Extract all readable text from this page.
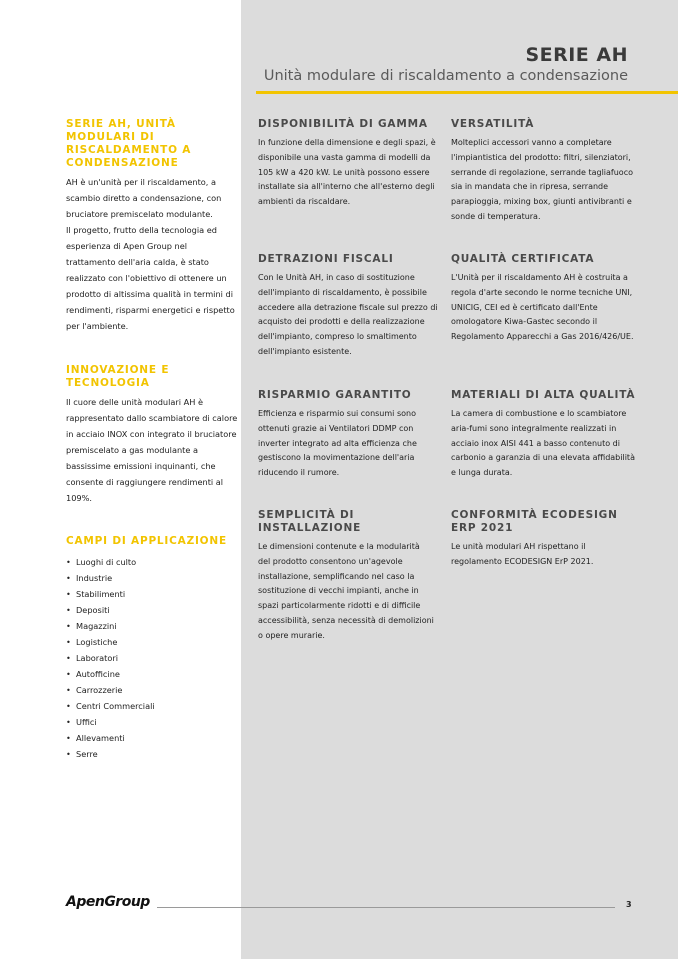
SERIE AH
Unità modulare di riscaldamento a condensazione
SERIE AH, UNITÀ MODULARI DI RISCALDAMENTO A CONDENSAZIONE

AH è un'unità per il riscaldamento, a scambio diretto a condensazione, con bruciatore premiscelato modulante.

Il progetto, frutto della tecnologia ed esperienza di Apen Group nel trattamento dell'aria calda, è stato realizzato con l'obiettivo di ottenere un prodotto di altissima qualità in termini di rendimenti, risparmi energetici e rispetto per l'ambiente.

INNOVAZIONE E TECNOLOGIA

Il cuore delle unità modulari AH è rappresentato dallo scambiatore di calore in acciaio INOX con integrato il bruciatore premiscelato a gas modulante a bassissime emissioni inquinanti, che consente di raggiungere rendimenti al 109%.

CAMPI DI APPLICAZIONE
• Luoghi di culto
• Industrie
• Stabilimenti
• Depositi
• Magazzini
• Logistiche
• Laboratori
• Autofficine
• Carrozzerie
• Centri Commerciali
• Uffici
• Allevamenti
• Serre
DISPONIBILITÀ DI GAMMA

In funzione della dimensione e degli spazi, è disponibile una vasta gamma di modelli da 105 kW a 420 kW. Le unità possono essere installate sia all'interno che all'esterno degli ambienti da riscaldare.

VERSATILITÀ

Molteplici accessori vanno a completare l'impiantistica del prodotto: filtri, silenziatori, serrande di regolazione, serrande tagliafuoco sia in mandata che in ripresa, serrande parapioggia, mixing box, giunti antivibranti e sonde di temperatura.

DETRAZIONI FISCALI

Con le Unità AH, in caso di sostituzione dell'impianto di riscaldamento, è possibile accedere alla detrazione fiscale sul prezzo di acquisto dei prodotti e della realizzazione dell'impianto, compreso lo smaltimento dell'impianto esistente.

QUALITÀ CERTIFICATA

L'Unità per il riscaldamento AH è costruita a regola d'arte secondo le norme tecniche UNI, UNICIG, CEI ed è certificato dall'Ente omologatore Kiwa-Gastec secondo il Regolamento Apparecchi a Gas 2016/426/UE.

RISPARMIO GARANTITO

Efficienza e risparmio sui consumi sono ottenuti grazie ai Ventilatori DDMP con inverter integrato ad alta efficienza che gestiscono la movimentazione dell'aria riducendo il rumore.

MATERIALI DI ALTA QUALITÀ

La camera di combustione e lo scambiatore aria-fumi sono integralmente realizzati in acciaio inox AISI 441 a basso contenuto di carbonio a garanzia di una elevata affidabilità e lunga durata.

SEMPLICITÀ DI INSTALLAZIONE

Le dimensioni contenute e la modularità del prodotto consentono un'agevole installazione, semplificando nel caso la sostituzione di vecchi impianti, anche in spazi particolarmente ridotti e di difficile accessibilità, senza necessità di demolizioni o opere murarie.

CONFORMITÀ ECODESIGN ERP 2021

Le unità modulari AH rispettano il regolamento ECODESIGN ErP 2021.

ApenGroup	3
